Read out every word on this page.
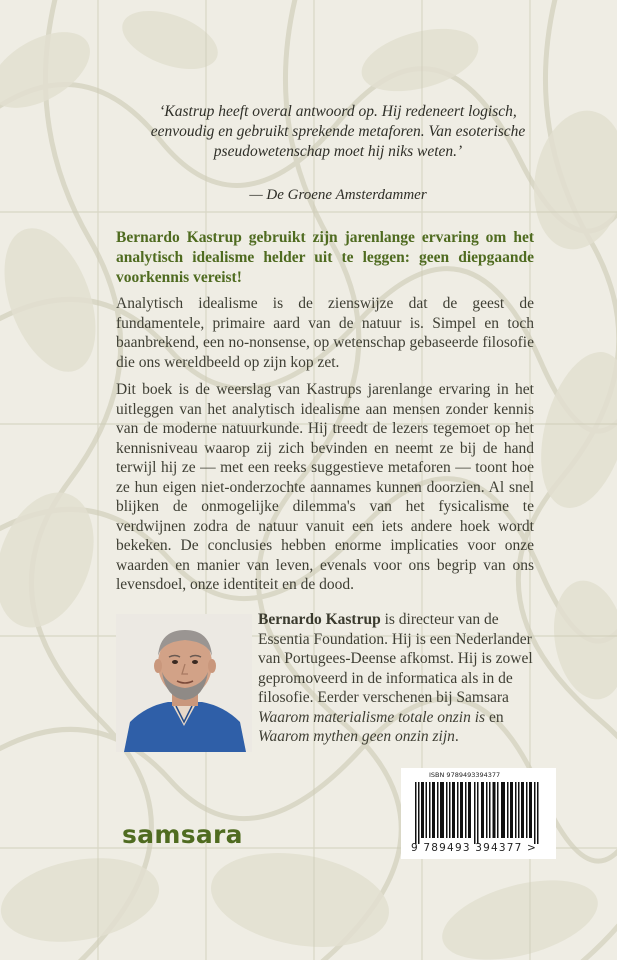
‘Kastrup heeft overal antwoord op. Hij redeneert logisch, eenvoudig en gebruikt sprekende metaforen. Van esoterische pseudowetenschap moet hij niks weten.’
— De Groene Amsterdammer
Bernardo Kastrup gebruikt zijn jarenlange ervaring om het analytisch idealisme helder uit te leggen: geen diepgaande voorkennis vereist!
Analytisch idealisme is de zienswijze dat de geest de fundamentele, primaire aard van de natuur is. Simpel en toch baanbrekend, een no-nonsense, op wetenschap gebaseerde filosofie die ons wereldbeeld op zijn kop zet.
Dit boek is de weerslag van Kastrups jarenlange ervaring in het uitleggen van het analytisch idealisme aan mensen zonder kennis van de moderne natuurkunde. Hij treedt de lezers tegemoet op het kennisniveau waarop zij zich bevinden en neemt ze bij de hand terwijl hij ze — met een reeks suggestieve metaforen — toont hoe ze hun eigen niet-onderzochte aannames kunnen doorzien. Al snel blijken de onmogelijke dilemma's van het fysicalisme te verdwijnen zodra de natuur vanuit een iets andere hoek wordt bekeken. De conclusies hebben enorme implicaties voor onze waarden en manier van leven, evenals voor ons begrip van ons levensdoel, onze identiteit en de dood.
Bernardo Kastrup is directeur van de Essentia Foundation. Hij is een Nederlander van Portugees-Deense afkomst. Hij is zowel gepromoveerd in de informatica als in de filosofie. Eerder verschenen bij Samsara Waarom materialisme totale onzin is en Waarom mythen geen onzin zijn.
samsara
ISBN 9789493394377
9 789493 394377 >
